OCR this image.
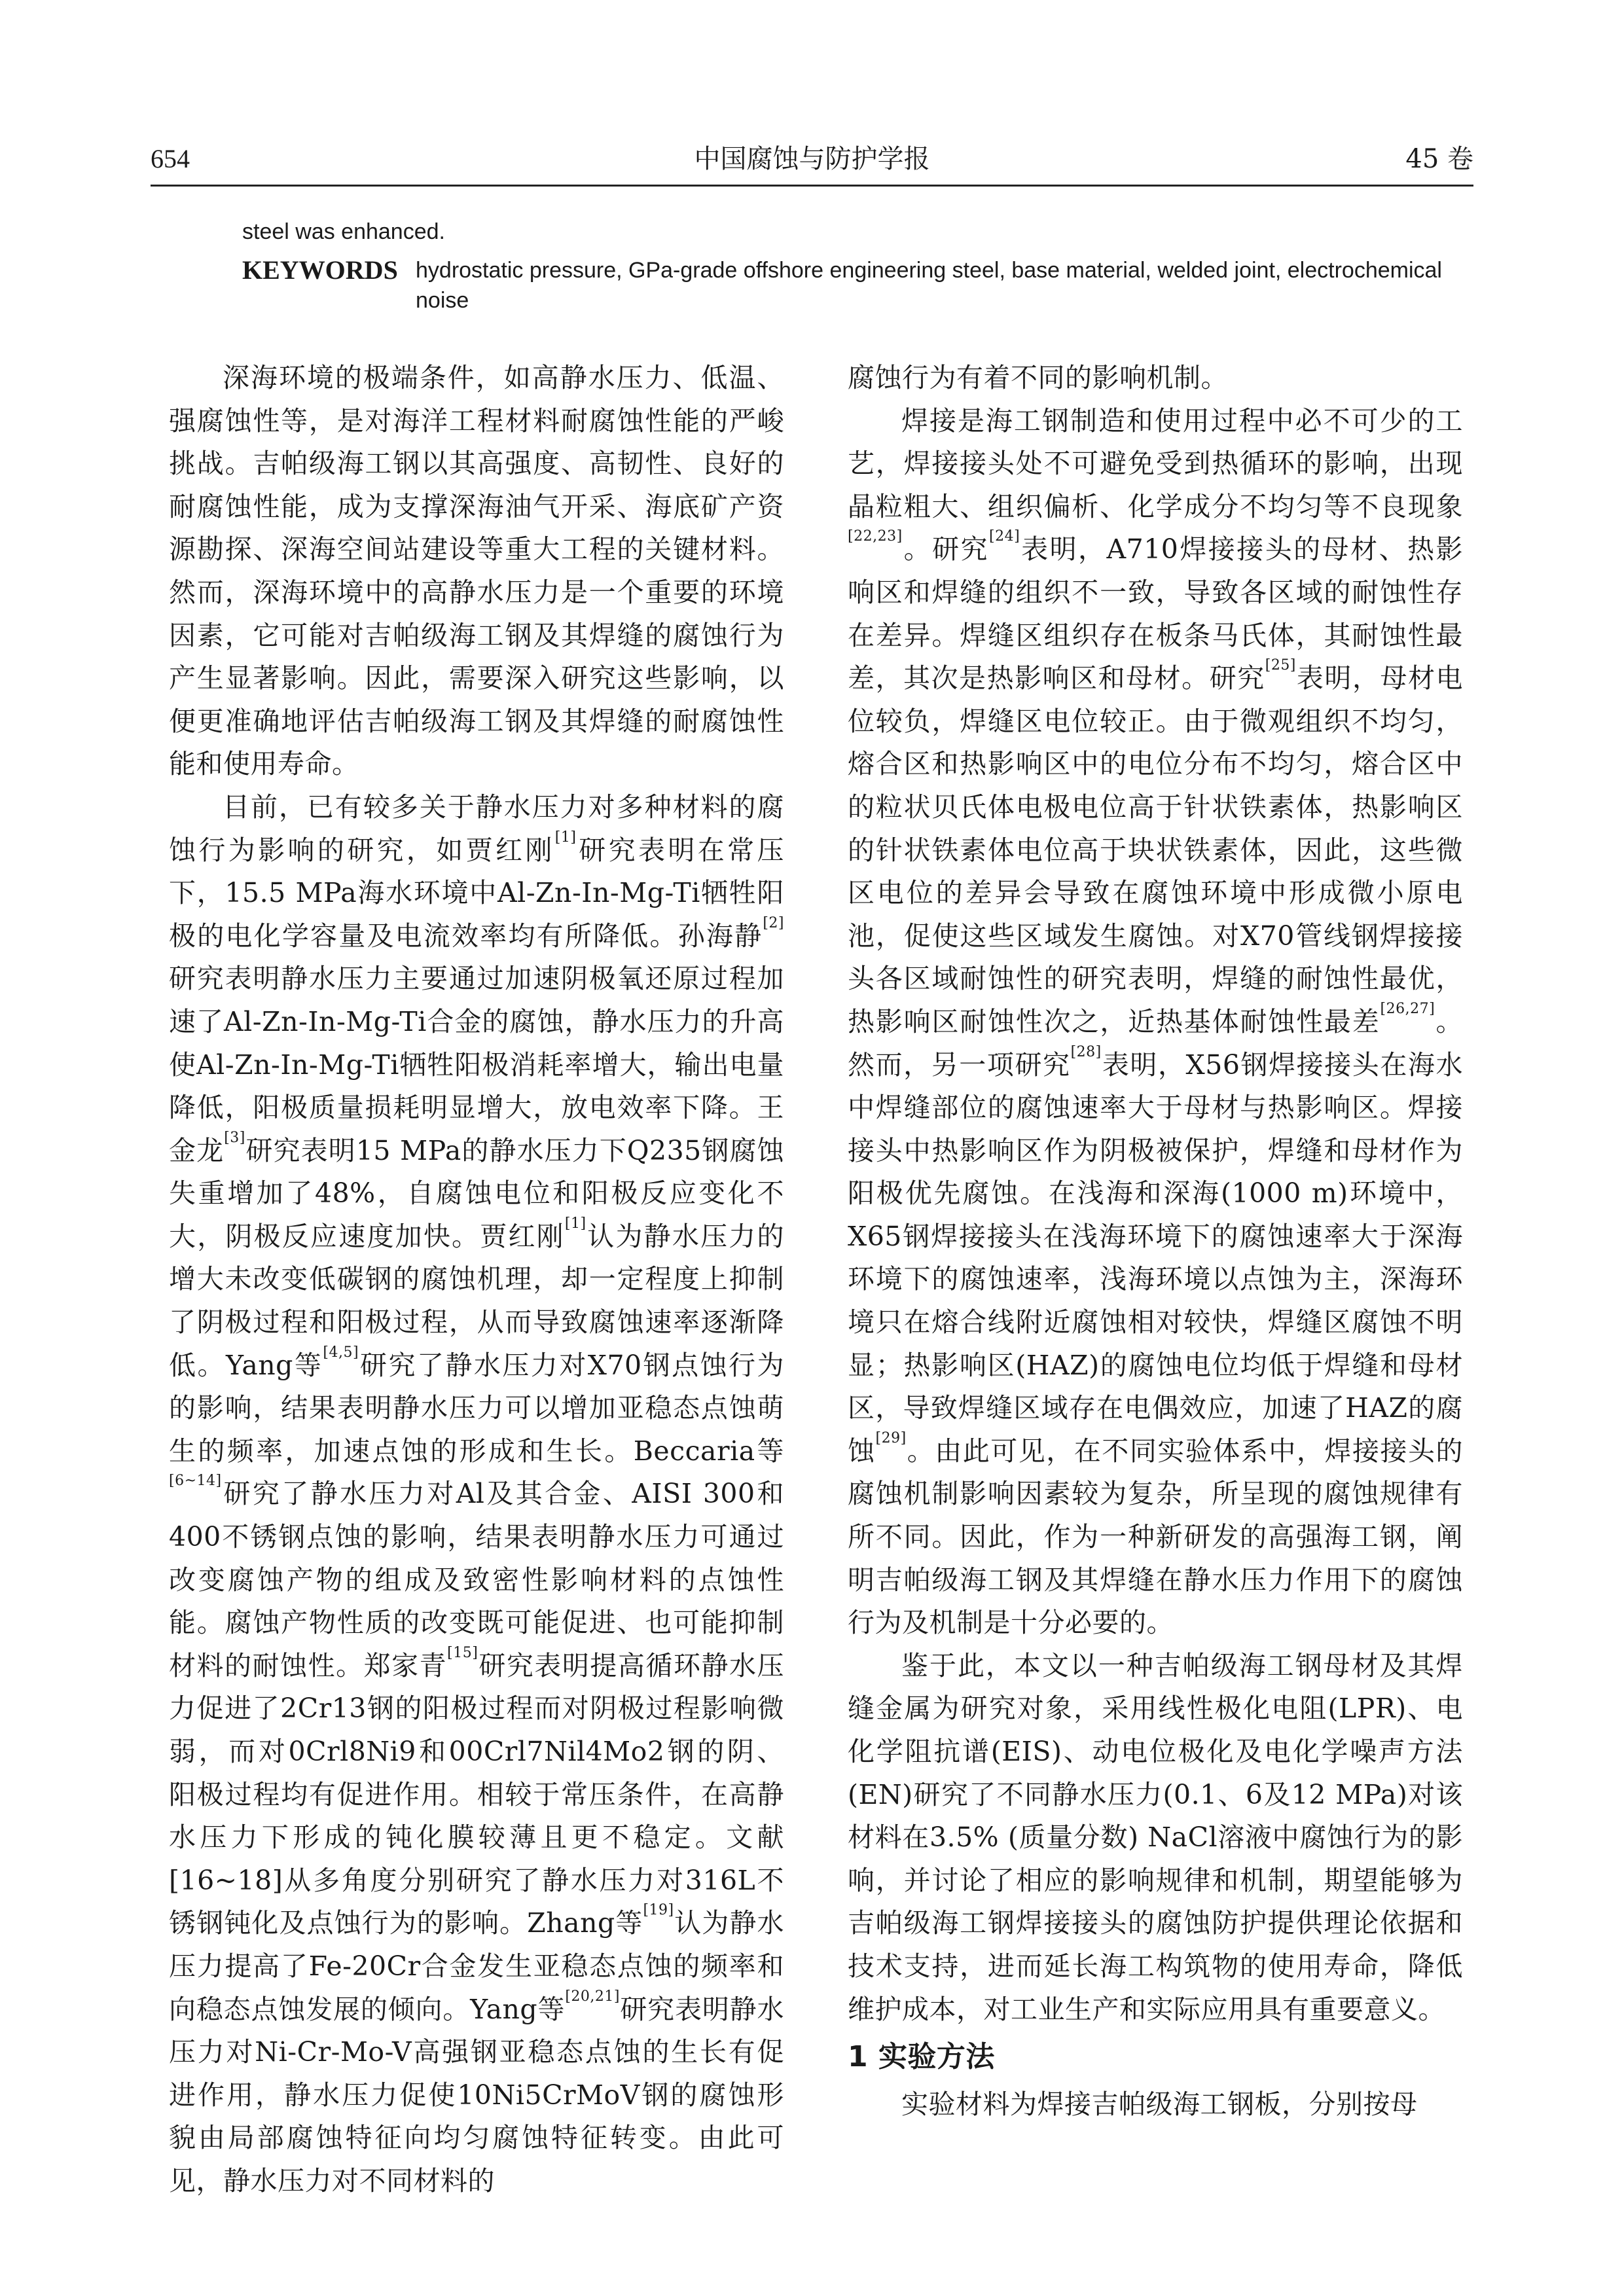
654	中国腐蚀与防护学报	45 卷
steel was enhanced.
KEYWORDS hydrostatic pressure, GPa-grade offshore engineering steel, base material, welded joint, electrochemical noise

深海环境的极端条件，如高静水压力、低温、强腐蚀性等，是对海洋工程材料耐腐蚀性能的严峻挑战。吉帕级海工钢以其高强度、高韧性、良好的耐腐蚀性能，成为支撑深海油气开采、海底矿产资源勘探、深海空间站建设等重大工程的关键材料。然而，深海环境中的高静水压力是一个重要的环境因素，它可能对吉帕级海工钢及其焊缝的腐蚀行为产生显著影响。因此，需要深入研究这些影响，以便更准确地评估吉帕级海工钢及其焊缝的耐腐蚀性能和使用寿命。

目前，已有较多关于静水压力对多种材料的腐蚀行为影响的研究，如贾红刚[1]研究表明在常压下，15.5 MPa海水环境中Al-Zn-In-Mg-Ti牺牲阳极的电化学容量及电流效率均有所降低。孙海静[2]研究表明静水压力主要通过加速阴极氧还原过程加速了Al-Zn-In-Mg-Ti合金的腐蚀，静水压力的升高使Al-Zn-In-Mg-Ti牺牲阳极消耗率增大，输出电量降低，阳极质量损耗明显增大，放电效率下降。王金龙[3]研究表明15 MPa的静水压力下Q235钢腐蚀失重增加了48%，自腐蚀电位和阳极反应变化不大，阴极反应速度加快。贾红刚[1]认为静水压力的增大未改变低碳钢的腐蚀机理，却一定程度上抑制了阴极过程和阳极过程，从而导致腐蚀速率逐渐降低。Yang等[4,5]研究了静水压力对X70钢点蚀行为的影响，结果表明静水压力可以增加亚稳态点蚀萌生的频率，加速点蚀的形成和生长。Beccaria等[6~14]研究了静水压力对Al及其合金、AISI 300和400不锈钢点蚀的影响，结果表明静水压力可通过改变腐蚀产物的组成及致密性影响材料的点蚀性能。腐蚀产物性质的改变既可能促进、也可能抑制材料的耐蚀性。郑家青[15]研究表明提高循环静水压力促进了2Cr13钢的阳极过程而对阴极过程影响微弱，而对0Crl8Ni9和00Crl7Nil4Mo2钢的阴、阳极过程均有促进作用。相较于常压条件，在高静水压力下形成的钝化膜较薄且更不稳定。文献[16~18]从多角度分别研究了静水压力对316L不锈钢钝化及点蚀行为的影响。Zhang等[19]认为静水压力提高了Fe-20Cr合金发生亚稳态点蚀的频率和向稳态点蚀发展的倾向。Yang等[20,21]研究表明静水压力对Ni-Cr-Mo-V高强钢亚稳态点蚀的生长有促进作用，静水压力促使10Ni5CrMoV钢的腐蚀形貌由局部腐蚀特征向均匀腐蚀特征转变。由此可见，静水压力对不同材料的

腐蚀行为有着不同的影响机制。

焊接是海工钢制造和使用过程中必不可少的工艺，焊接接头处不可避免受到热循环的影响，出现晶粒粗大、组织偏析、化学成分不均匀等不良现象[22,23]。研究[24]表明，A710焊接接头的母材、热影响区和焊缝的组织不一致，导致各区域的耐蚀性存在差异。焊缝区组织存在板条马氏体，其耐蚀性最差，其次是热影响区和母材。研究[25]表明，母材电位较负，焊缝区电位较正。由于微观组织不均匀，熔合区和热影响区中的电位分布不均匀，熔合区中的粒状贝氏体电极电位高于针状铁素体，热影响区的针状铁素体电位高于块状铁素体，因此，这些微区电位的差异会导致在腐蚀环境中形成微小原电池，促使这些区域发生腐蚀。对X70管线钢焊接接头各区域耐蚀性的研究表明，焊缝的耐蚀性最优，热影响区耐蚀性次之，近热基体耐蚀性最差[26,27]。然而，另一项研究[28]表明，X56钢焊接接头在海水中焊缝部位的腐蚀速率大于母材与热影响区。焊接接头中热影响区作为阴极被保护，焊缝和母材作为阳极优先腐蚀。在浅海和深海(1000 m)环境中，X65钢焊接接头在浅海环境下的腐蚀速率大于深海环境下的腐蚀速率，浅海环境以点蚀为主，深海环境只在熔合线附近腐蚀相对较快，焊缝区腐蚀不明显；热影响区(HAZ)的腐蚀电位均低于焊缝和母材区，导致焊缝区域存在电偶效应，加速了HAZ的腐蚀[29]。由此可见，在不同实验体系中，焊接接头的腐蚀机制影响因素较为复杂，所呈现的腐蚀规律有所不同。因此，作为一种新研发的高强海工钢，阐明吉帕级海工钢及其焊缝在静水压力作用下的腐蚀行为及机制是十分必要的。

鉴于此，本文以一种吉帕级海工钢母材及其焊缝金属为研究对象，采用线性极化电阻(LPR)、电化学阻抗谱(EIS)、动电位极化及电化学噪声方法(EN)研究了不同静水压力(0.1、6及12 MPa)对该材料在3.5% (质量分数) NaCl溶液中腐蚀行为的影响，并讨论了相应的影响规律和机制，期望能够为吉帕级海工钢焊接接头的腐蚀防护提供理论依据和技术支持，进而延长海工构筑物的使用寿命，降低维护成本，对工业生产和实际应用具有重要意义。

1 实验方法

实验材料为焊接吉帕级海工钢板，分别按母
